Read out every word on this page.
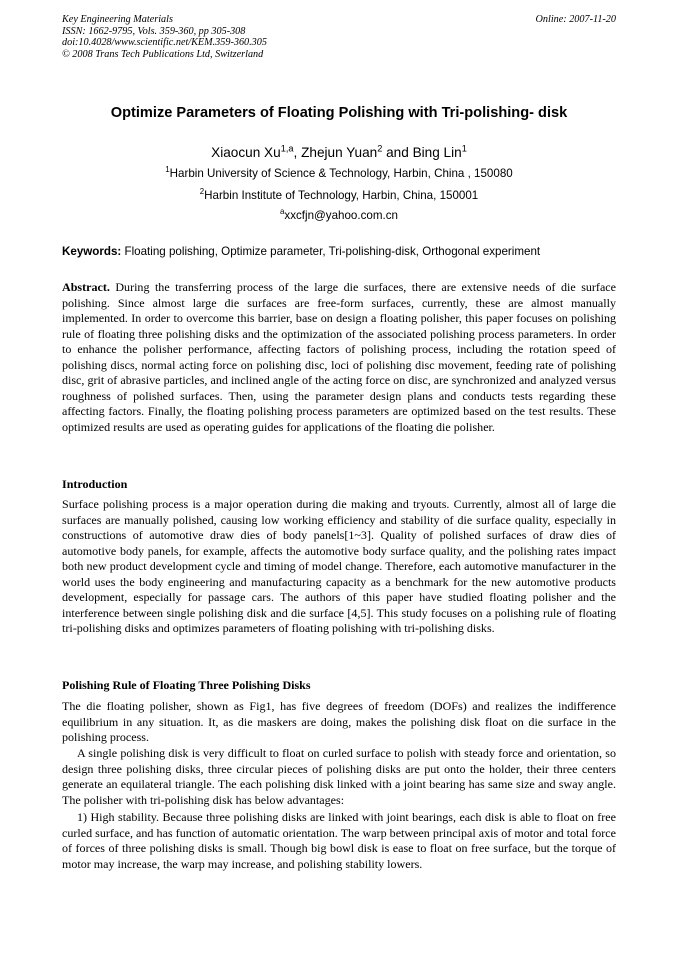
Key Engineering Materials
ISSN: 1662-9795, Vols. 359-360, pp 305-308
doi:10.4028/www.scientific.net/KEM.359-360.305
© 2008 Trans Tech Publications Ltd, Switzerland
Online: 2007-11-20
Optimize Parameters of Floating Polishing with Tri-polishing- disk
Xiaocun Xu$^{1,a}$, Zhejun Yuan$^2$ and Bing Lin$^1$
$^1$Harbin University of Science & Technology, Harbin, China , 150080
$^2$Harbin Institute of Technology, Harbin, China, 150001
$^a$xxcfjn@yahoo.com.cn
Keywords: Floating polishing, Optimize parameter, Tri-polishing-disk, Orthogonal experiment

Abstract. During the transferring process of the large die surfaces, there are extensive needs of die surface polishing. Since almost large die surfaces are free-form surfaces, currently, these are almost manually implemented. In order to overcome this barrier, base on design a floating polisher, this paper focuses on polishing rule of floating three polishing disks and the optimization of the associated polishing process parameters. In order to enhance the polisher performance, affecting factors of polishing process, including the rotation speed of polishing discs, normal acting force on polishing disc, loci of polishing disc movement, feeding rate of polishing disc, grit of abrasive particles, and inclined angle of the acting force on disc, are synchronized and analyzed versus roughness of polished surfaces. Then, using the parameter design plans and conducts tests regarding these affecting factors. Finally, the floating polishing process parameters are optimized based on the test results. These optimized results are used as operating guides for applications of the floating die polisher.

Introduction

Surface polishing process is a major operation during die making and tryouts. Currently, almost all of large die surfaces are manually polished, causing low working efficiency and stability of die surface quality, especially in constructions of automotive draw dies of body panels[1~3]. Quality of polished surfaces of draw dies of automotive body panels, for example, affects the automotive body surface quality, and the polishing rates impact both new product development cycle and timing of model change. Therefore, each automotive manufacturer in the world uses the body engineering and manufacturing capacity as a benchmark for the new automotive products development, especially for passage cars. The authors of this paper have studied floating polisher and the interference between single polishing disk and die surface [4,5]. This study focuses on a polishing rule of floating tri-polishing disks and optimizes parameters of floating polishing with tri-polishing disks.

Polishing Rule of Floating Three Polishing Disks

The die floating polisher, shown as Fig1, has five degrees of freedom (DOFs) and realizes the indifference equilibrium in any situation. It, as die maskers are doing, makes the polishing disk float on die surface in the polishing process.

A single polishing disk is very difficult to float on curled surface to polish with steady force and orientation, so design three polishing disks, three circular pieces of polishing disks are put onto the holder, their three centers generate an equilateral triangle. The each polishing disk linked with a joint bearing has same size and sway angle. The polisher with tri-polishing disk has below advantages:

1) High stability. Because three polishing disks are linked with joint bearings, each disk is able to float on free curled surface, and has function of automatic orientation. The warp between principal axis of motor and total force of forces of three polishing disks is small. Though big bowl disk is ease to float on free surface, but the torque of motor may increase, the warp may increase, and polishing stability lowers.
